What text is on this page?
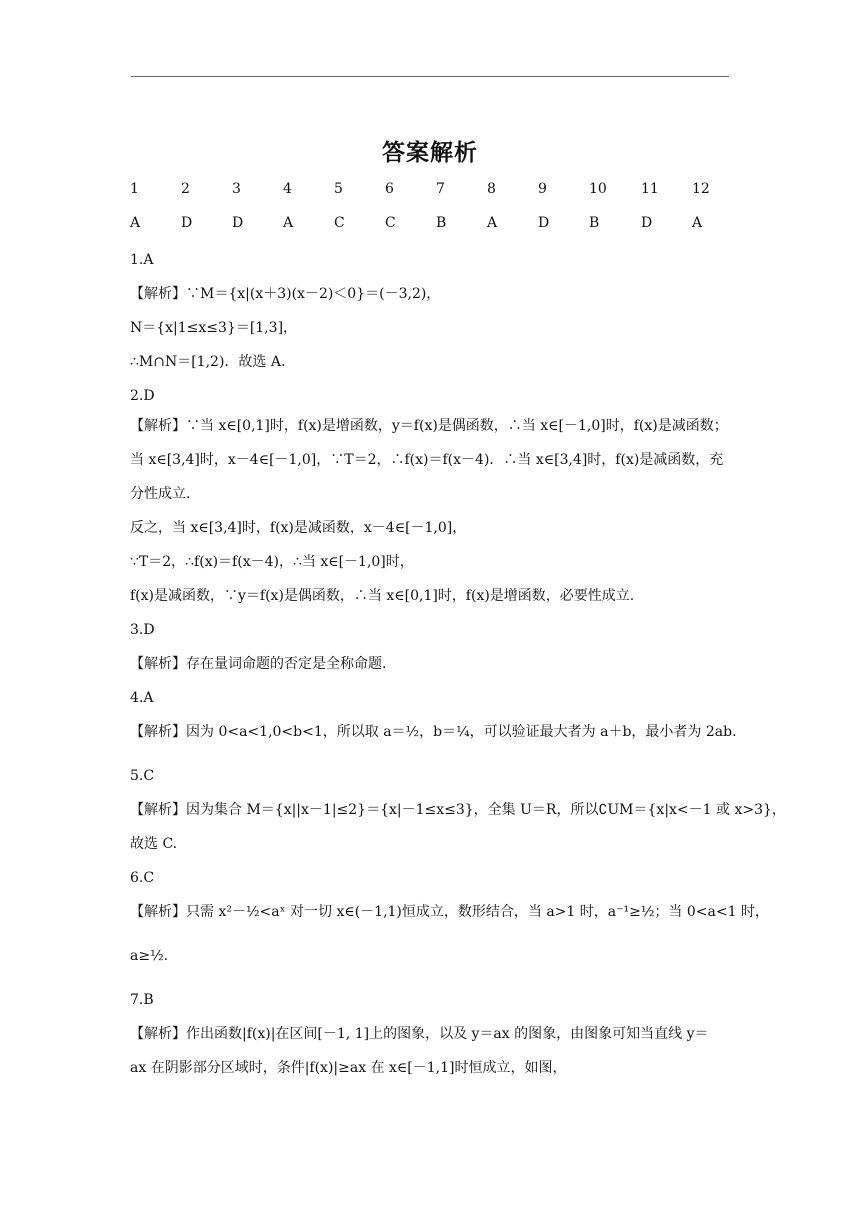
答案解析
1	2	3	4	5	6	7	8	9	10 11 12
A	D	D	A	C	C	B	A	D	B	D	A
1.A
【解析】∵M＝{x|(x＋3)(x－2)＜0}＝(－3,2)，
N＝{x|1≤x≤3}＝[1,3]，
∴M∩N＝[1,2)．故选 A.
2.D
【解析】∵当 x∈[0,1]时，f(x)是增函数，y＝f(x)是偶函数，∴当 x∈[－1,0]时，f(x)是减函数；
当 x∈[3,4]时，x－4∈[－1,0]，∵T＝2，∴f(x)＝f(x－4)．∴当 x∈[3,4]时，f(x)是减函数，充
分性成立.
反之，当 x∈[3,4]时，f(x)是减函数，x－4∈[－1,0]，
∵T＝2，∴f(x)＝f(x－4)，∴当 x∈[－1,0]时，
f(x)是减函数，∵y＝f(x)是偶函数，∴当 x∈[0,1]时，f(x)是增函数，必要性成立.
3.D
【解析】存在量词命题的否定是全称命题.
4.A
【解析】因为 0<a<1,0<b<1，所以取 a＝½，b＝¼，可以验证最大者为 a＋b，最小者为 2ab.
5.C
【解析】因为集合 M＝{x||x－1|≤2}＝{x|－1≤x≤3}，全集 U＝R，所以∁UM＝{x|x<－1 或 x>3}，
故选 C.
6.C
【解析】只需 x²－½<aˣ 对一切 x∈(－1,1)恒成立，数形结合，当 a>1 时，a⁻¹≥½；当 0<a<1 时，
a≥½.
7.B
【解析】作出函数|f(x)|在区间[－1, 1]上的图象，以及 y＝ax 的图象，由图象可知当直线 y＝
ax 在阴影部分区域时，条件|f(x)|≥ax 在 x∈[－1,1]时恒成立，如图，
